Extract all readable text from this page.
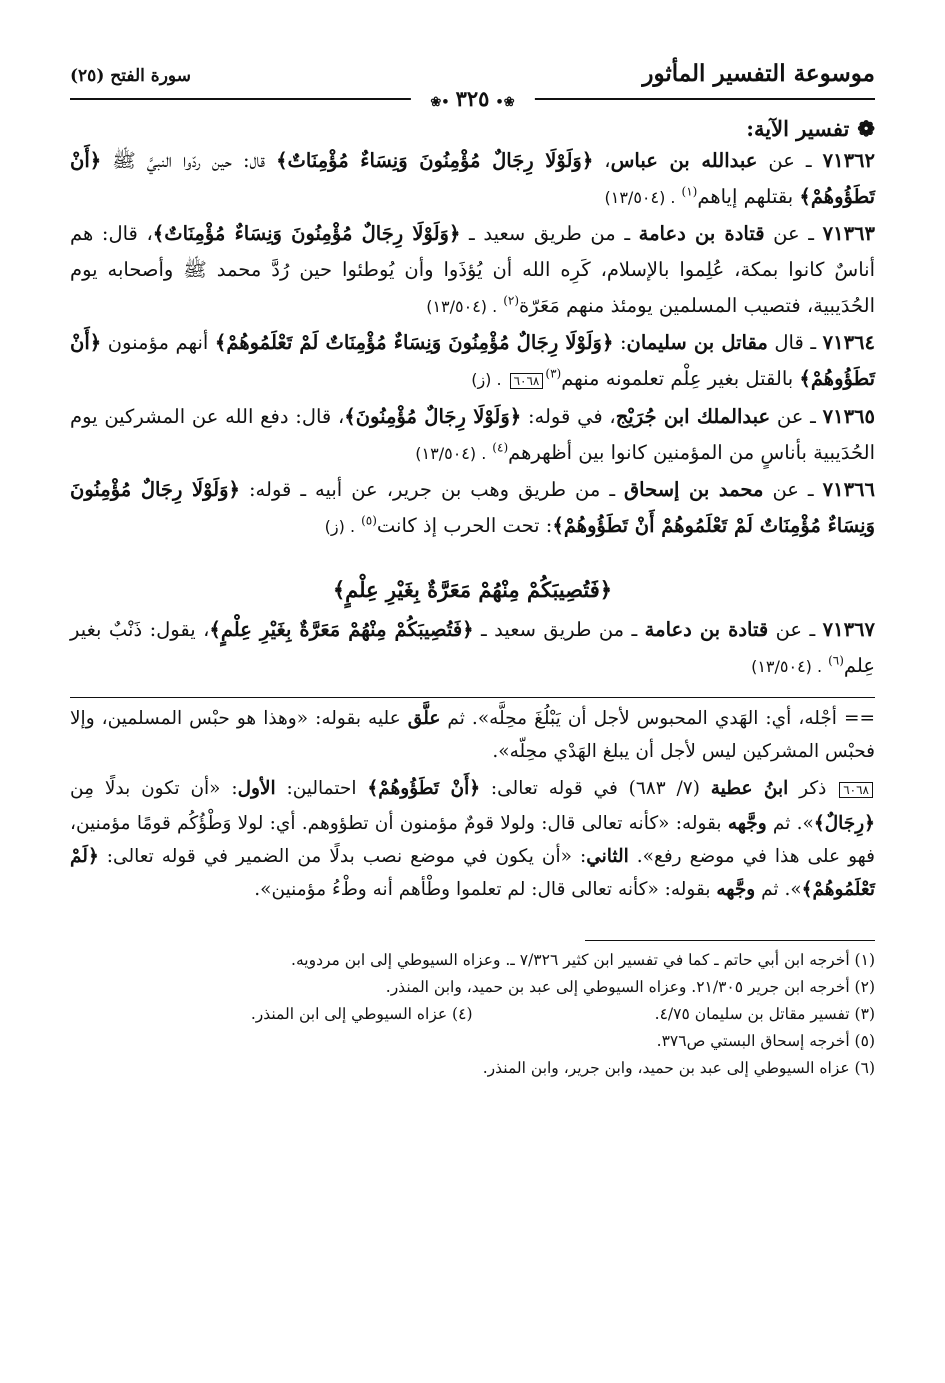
موسوعة التفسير المأثور
سورة الفتح (٢٥)
❀•٣٢٥•❀
❁تفسير الآية:

٧١٣٦٢ ـ عن عبدالله بن عباس، ﴿وَلَوْلَا رِجَالٌ مُؤْمِنُونَ وَنِسَاءٌ مُؤْمِنَاتٌ﴾ قال: حين ردّوا النبيَّ ﷺ ﴿أَنْ تَطَؤُوهُمْ﴾ بقتلهم إياهم$^{(١)}$. (١٣/٥٠٤)

٧١٣٦٣ ـ عن قتادة بن دعامة ـ من طريق سعيد ـ ﴿وَلَوْلَا رِجَالٌ مُؤْمِنُونَ وَنِسَاءٌ مُؤْمِنَاتٌ﴾، قال: هم أناسٌ كانوا بمكة، عُلِموا بالإسلام، كَرِه الله أن يُؤذَوا وأن يُوطئوا حين رُدَّ محمد ﷺ وأصحابه يوم الحُدَيبية، فتصيب المسلمين يومئذ منهم مَعَرّة$^{(٢)}$. (١٣/٥٠٤)

٧١٣٦٤ ـ قال مقاتل بن سليمان: ﴿وَلَوْلَا رِجَالٌ مُؤْمِنُونَ وَنِسَاءٌ مُؤْمِنَاتٌ لَمْ تَعْلَمُوهُمْ﴾ أنهم مؤمنون ﴿أَنْ تَطَؤُوهُمْ﴾ بالقتل بغير عِلْم تعلمونه منهم$^{(٣)}$٦٠٦٨. (ز)

٧١٣٦٥ ـ عن عبدالملك ابن جُرَيْج، في قوله: ﴿وَلَوْلَا رِجَالٌ مُؤْمِنُونَ﴾، قال: دفع الله عن المشركين يوم الحُدَيبية بأناسٍ من المؤمنين كانوا بين أظهرهم$^{(٤)}$. (١٣/٥٠٤)

٧١٣٦٦ ـ عن محمد بن إسحاق ـ من طريق وهب بن جرير، عن أبيه ـ قوله: ﴿وَلَوْلَا رِجَالٌ مُؤْمِنُونَ وَنِسَاءٌ مُؤْمِنَاتٌ لَمْ تَعْلَمُوهُمْ أَنْ تَطَؤُوهُمْ﴾: تحت الحرب إذ كانت$^{(٥)}$. (ز)

﴿فَتُصِيبَكُمْ مِنْهُمْ مَعَرَّةٌ بِغَيْرِ عِلْمٍ﴾

٧١٣٦٧ ـ عن قتادة بن دعامة ـ من طريق سعيد ـ ﴿فَتُصِيبَكُمْ مِنْهُمْ مَعَرَّةٌ بِغَيْرِ عِلْمٍ﴾، يقول: ذَنْبٌ بغير عِلم$^{(٦)}$. (١٣/٥٠٤)

== أجْله، أي: الهَدي المحبوس لأجل أن يَبْلُغَ محِلَّه». ثم علَّق عليه بقوله: «وهذا هو حبْس المسلمين، وإلا فحبْس المشركين ليس لأجل أن يبلغ الهَدْي محِلّه».

٦٠٦٨ ذكر ابنُ عطية (٧/ ٦٨٣) في قوله تعالى: ﴿أَنْ تَطَؤُوهُمْ﴾ احتمالين: الأول: «أن تكون بدلًا مِن ﴿رِجَالٌ﴾». ثم وجَّهه بقوله: «كأنه تعالى قال: ولولا قومٌ مؤمنون أن تطؤوهم. أي: لولا وَطْؤُكُم قومًا مؤمنين، فهو على هذا في موضع رفع». الثاني: «أن يكون في موضع نصب بدلًا من الضمير في قوله تعالى: ﴿لَمْ تَعْلَمُوهُمْ﴾». ثم وجَّهه بقوله: «كأنه تعالى قال: لم تعلموا وطْأهم أنه وطْءُ مؤمنين».

(١) أخرجه ابن أبي حاتم ـ كما في تفسير ابن كثير ٧/٣٢٦ ـ. وعزاه السيوطي إلى ابن مردويه.

(٢) أخرجه ابن جرير ٢١/٣٠٥. وعزاه السيوطي إلى عبد بن حميد، وابن المنذر.

(٣) تفسير مقاتل بن سليمان ٤/٧٥.

(٤) عزاه السيوطي إلى ابن المنذر.

(٥) أخرجه إسحاق البستي ص٣٧٦.

(٦) عزاه السيوطي إلى عبد بن حميد، وابن جرير، وابن المنذر.
